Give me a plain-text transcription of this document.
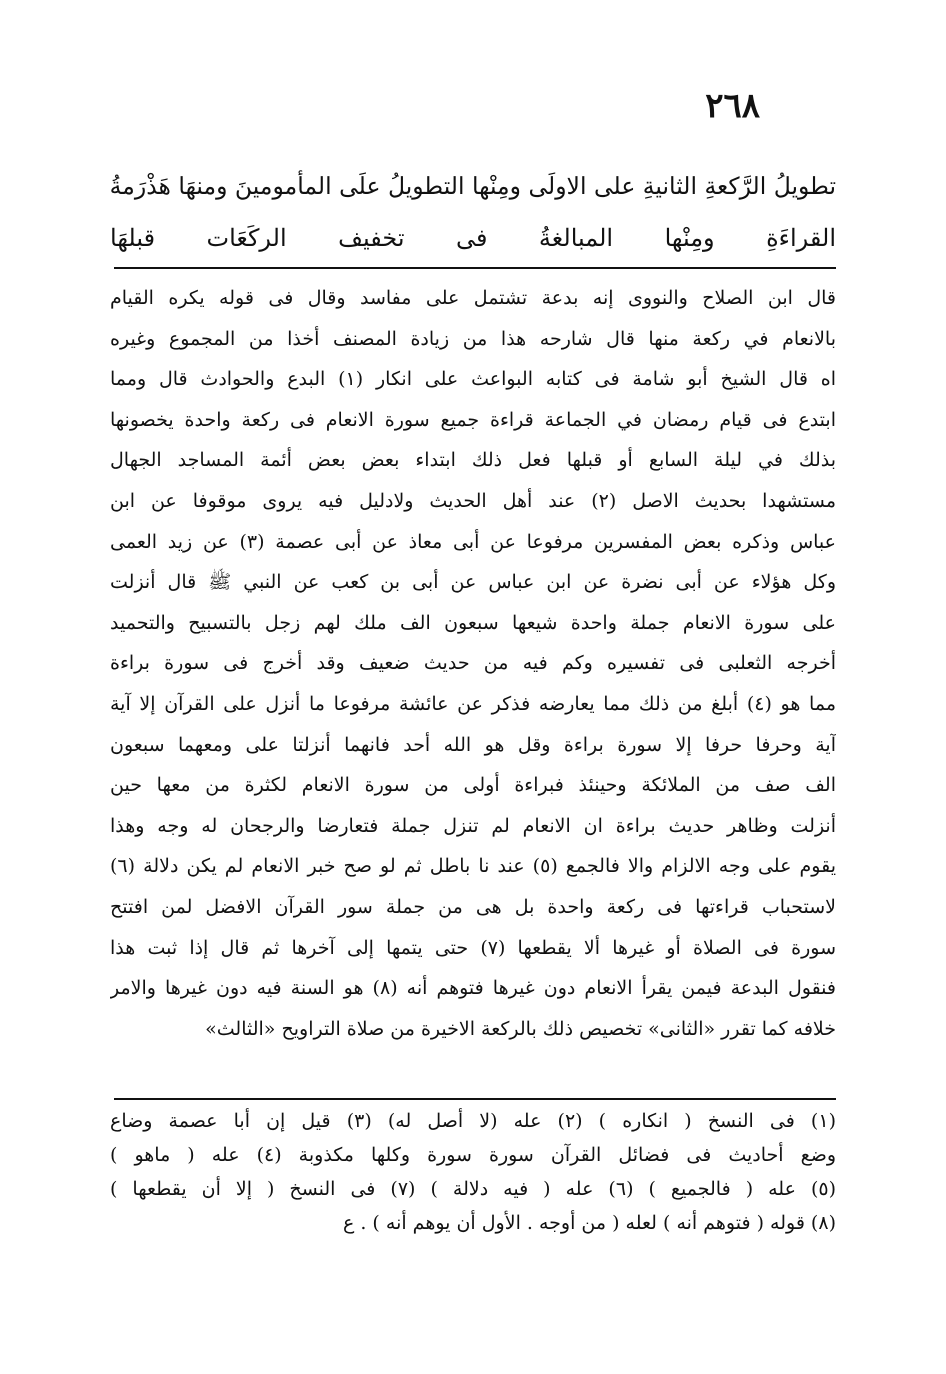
٢٦٨
تطويلُ الرَّكعةِ الثانيةِ على الاولَى ومِنْها التطويلُ علَى المأمومينَ ومنهَا هَذْرَمةُ
القراءَةِ ومِنْها المبالغةُ فى تخفيف الركَعَات قبلهَا
قال ابن الصلاح والنووى إنه بدعة تشتمل على مفاسد وقال فى قوله يكره القيام
بالانعام في ركعة منها قال شارحه هذا من زيادة المصنف أخذا من المجموع وغيره
اه قال الشيخ أبو شامة فى كتابه البواعث على انكار (١) البدع والحوادث قال ومما
ابتدع فى قيام رمضان في الجماعة قراءة جميع سورة الانعام فى ركعة واحدة يخصونها
بذلك في ليلة السابع أو قبلها فعل ذلك ابتداء بعض بعض أئمة المساجد الجهال
مستشهدا بحديث الاصل (٢) عند أهل الحديث ولادليل فيه يروى موقوفا عن ابن
عباس وذكره بعض المفسرين مرفوعا عن أبى معاذ عن أبى عصمة (٣) عن زيد العمى
وكل هؤلاء عن أبى نضرة عن ابن عباس عن أبى بن كعب عن النبي ﷺ قال أنزلت
على سورة الانعام جملة واحدة شيعها سبعون الف ملك لهم زجل بالتسبيح والتحميد
أخرجه الثعلبى فى تفسيره وكم فيه من حديث ضعيف وقد أخرج فى سورة براءة
مما هو (٤) أبلغ من ذلك مما يعارضه فذكر عن عائشة مرفوعا ما أنزل على القرآن إلا آية
آية وحرفا حرفا إلا سورة براءة وقل هو الله أحد فانهما أنزلتا على ومعهما سبعون
الف صف من الملائكة وحينئذ فبراءة أولى من سورة الانعام لكثرة من معها حين
أنزلت وظاهر حديث براءة ان الانعام لم تنزل جملة فتعارضا والرجحان له وجه وهذا
يقوم على وجه الالزام والا فالجمع (٥) عند نا باطل ثم لو صح خبر الانعام لم يكن دلالة (٦)
لاستحباب قراءتها فى ركعة واحدة بل هى من جملة سور القرآن الافضل لمن افتتح
سورة فى الصلاة أو غيرها ألا يقطعها (٧) حتى يتمها إلى آخرها ثم قال إذا ثبت هذا
فنقول البدعة فيمن يقرأ الانعام دون غيرها فتوهم أنه (٨) هو السنة فيه دون غيرها والامر
خلافه كما تقرر «الثانى» تخصيص ذلك بالركعة الاخيرة من صلاة التراويح «الثالث»
(١) فى النسخ ( انكاره ) (٢) عله (لا أصل له) (٣) قيل إن أبا عصمة وضاع
وضع أحاديث فى فضائل القرآن سورة سورة وكلها مكذوبة (٤) عله ( ماهو )
(٥) عله ( فالجميع ) (٦) عله ( فيه دلالة ) (٧) فى النسخ ( إلا أن يقطعها )
(٨) قوله ( فتوهم أنه ) لعله ( من أوجه . الأول أن يوهم أنه ) . ع
